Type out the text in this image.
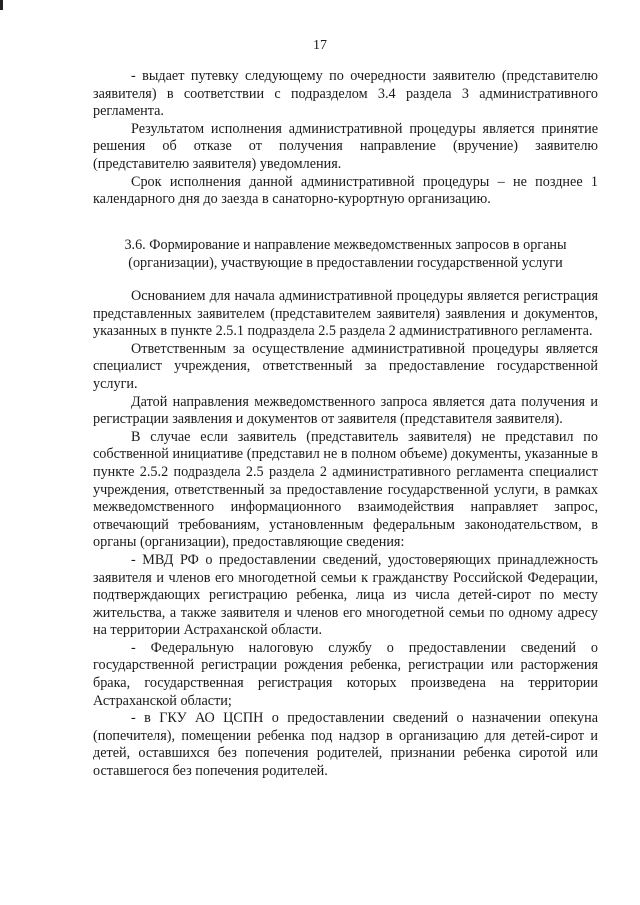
17

- выдает путевку следующему по очередности заявителю (представителю заявителя) в соответствии с подразделом 3.4 раздела 3 административного регламента.

Результатом исполнения административной процедуры является принятие решения об отказе от получения направление (вручение) заявителю (представителю заявителя) уведомления.

Срок исполнения данной административной процедуры – не позднее 1 календарного дня до заезда в санаторно-курортную организацию.

3.6. Формирование и направление межведомственных запросов в органы (организации), участвующие в предоставлении государственной услуги

Основанием для начала административной процедуры является регистрация представленных заявителем (представителем заявителя) заявления и документов, указанных в пункте 2.5.1 подраздела 2.5 раздела 2 административного регламента.

Ответственным за осуществление административной процедуры является специалист учреждения, ответственный за предоставление государственной услуги.

Датой направления межведомственного запроса является дата получения и регистрации заявления и документов от заявителя (представителя заявителя).

В случае если заявитель (представитель заявителя) не представил по собственной инициативе (представил не в полном объеме) документы, указанные в пункте 2.5.2 подраздела 2.5 раздела 2 административного регламента специалист учреждения, ответственный за предоставление государственной услуги, в рамках межведомственного информационного взаимодействия направляет запрос, отвечающий требованиям, установленным федеральным законодательством, в органы (организации), предоставляющие сведения:

- МВД РФ о предоставлении сведений, удостоверяющих принадлежность заявителя и членов его многодетной семьи к гражданству Российской Федерации, подтверждающих регистрацию ребенка, лица из числа детей-сирот по месту жительства, а также заявителя и членов его многодетной семьи по одному адресу на территории Астраханской области.

- Федеральную налоговую службу о предоставлении сведений о государственной регистрации рождения ребенка, регистрации или расторжения брака, государственная регистрация которых произведена на территории Астраханской области;

- в ГКУ АО ЦСПН о предоставлении сведений о назначении опекуна (попечителя), помещении ребенка под надзор в организацию для детей-сирот и детей, оставшихся без попечения родителей, признании ребенка сиротой или оставшегося без попечения родителей.
